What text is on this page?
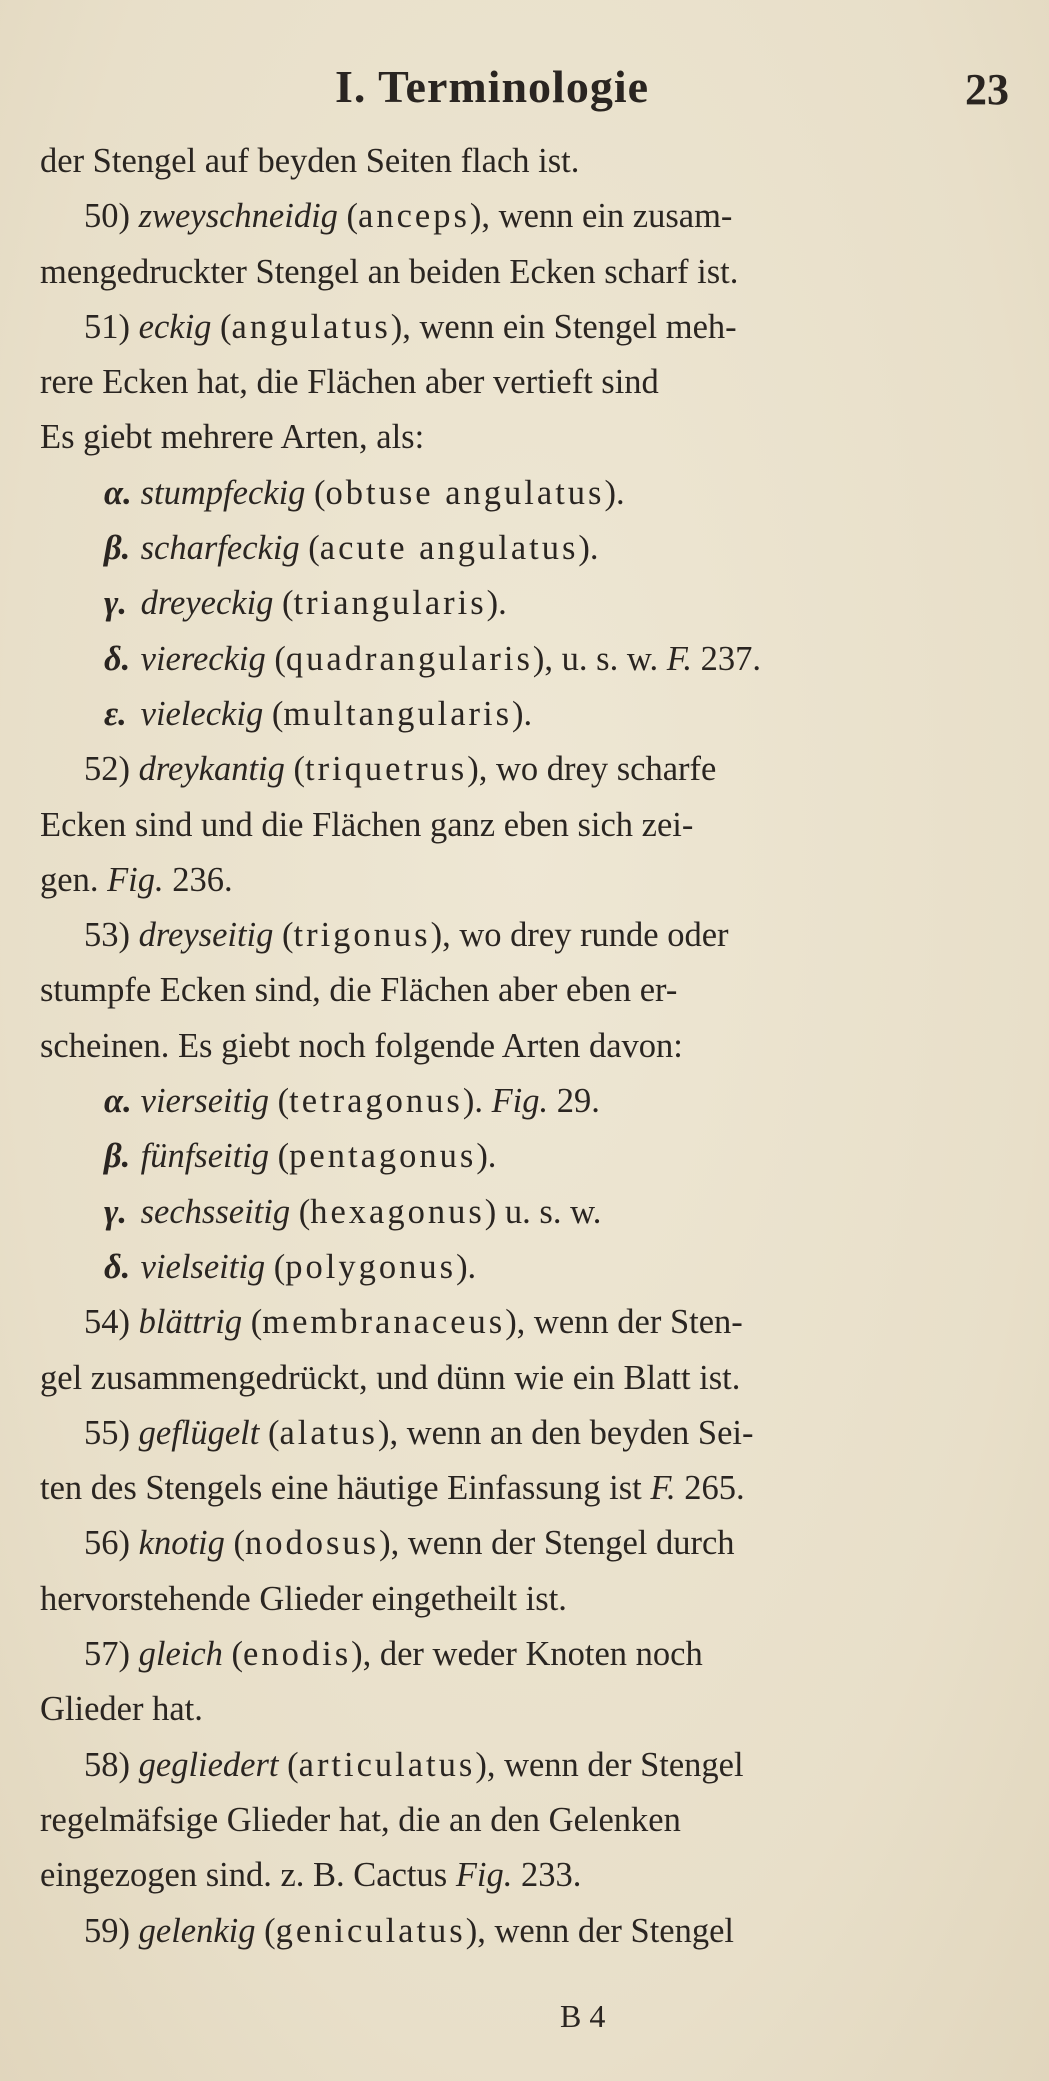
I. Terminologie	23
der Stengel auf beyden Seiten flach ist.
50) zweyschneidig (anceps), wenn ein zusam-
mengedruckter Stengel an beiden Ecken scharf ist.
51) eckig (angulatus), wenn ein Stengel meh-
rere Ecken hat, die Flächen aber vertieft sind
Es giebt mehrere Arten, als:
α. stumpfeckig (obtuse angulatus).
β. scharfeckig (acute angulatus).
γ. dreyeckig (triangularis).
δ. viereckig (quadrangularis), u. s. w. F. 237.
ε. vieleckig (multangularis).
52) dreykantig (triquetrus), wo drey scharfe
Ecken sind und die Flächen ganz eben sich zei-
gen. Fig. 236.
53) dreyseitig (trigonus), wo drey runde oder
stumpfe Ecken sind, die Flächen aber eben er-
scheinen. Es giebt noch folgende Arten davon:
α. vierseitig (tetragonus). Fig. 29.
β. fünfseitig (pentagonus).
γ. sechsseitig (hexagonus) u. s. w.
δ. vielseitig (polygonus).
54) blättrig (membranaceus), wenn der Sten-
gel zusammengedrückt, und dünn wie ein Blatt ist.
55) geflügelt (alatus), wenn an den beyden Sei-
ten des Stengels eine häutige Einfassung ist F. 265.
56) knotig (nodosus), wenn der Stengel durch
hervorstehende Glieder eingetheilt ist.
57) gleich (enodis), der weder Knoten noch
Glieder hat.
58) gegliedert (articulatus), wenn der Stengel
regelmäfsige Glieder hat, die an den Gelenken
eingezogen sind. z. B. Cactus Fig. 233.
59) gelenkig (geniculatus), wenn der Stengel
B 4
